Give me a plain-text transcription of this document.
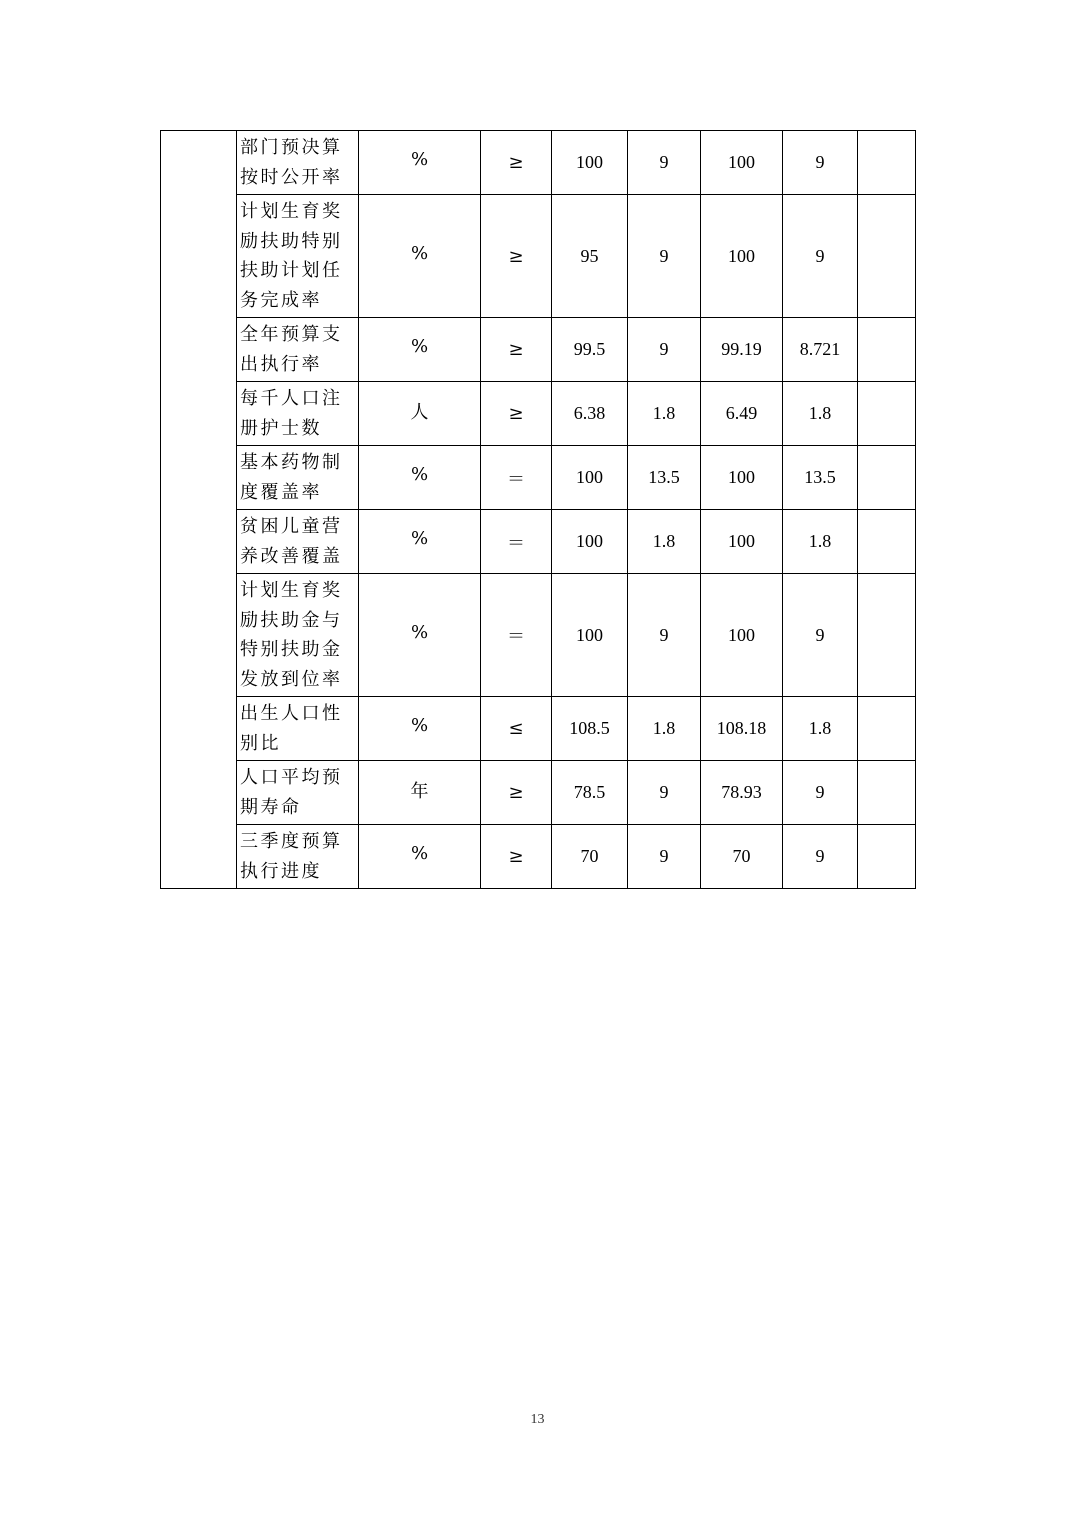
	部门预决算按时公开率	%	≥	100	9	100	9	
	计划生育奖励扶助特别扶助计划任务完成率	%	≥	95	9	100	9	
	全年预算支出执行率	%	≥	99.5	9	99.19	8.721	
	每千人口注册护士数	人	≥	6.38	1.8	6.49	1.8	
	基本药物制度覆盖率	%	＝	100	13.5	100	13.5	
	贫困儿童营养改善覆盖	%	＝	100	1.8	100	1.8	
	计划生育奖励扶助金与特别扶助金发放到位率	%	＝	100	9	100	9	
	出生人口性别比	%	≤	108.5	1.8	108.18	1.8	
	人口平均预期寿命	年	≥	78.5	9	78.93	9	
	三季度预算执行进度	%	≥	70	9	70	9	
13
